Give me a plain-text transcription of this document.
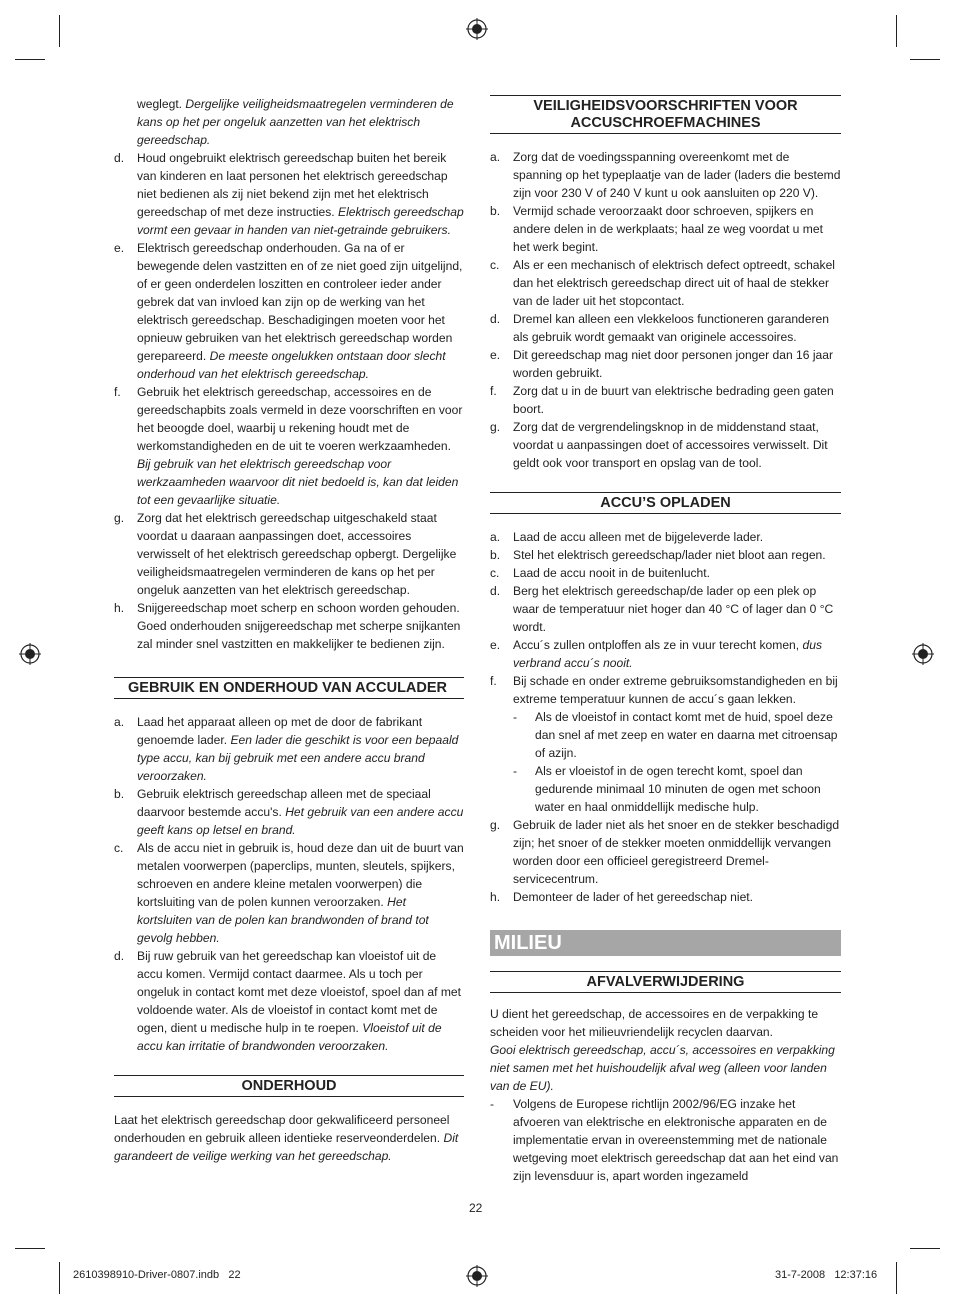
weglegt. Dergelijke veiligheidsmaatregelen verminderen de kans op het per ongeluk aanzetten van het elektrisch gereedschap.
d. Houd ongebruikt elektrisch gereedschap buiten het bereik van kinderen en laat personen het elektrisch gereedschap niet bedienen als zij niet bekend zijn met het elektrisch gereedschap of met deze instructies. Elektrisch gereedschap vormt een gevaar in handen van niet-getrainde gebruikers.
e. Elektrisch gereedschap onderhouden. Ga na of er bewegende delen vastzitten en of ze niet goed zijn uitgelijnd, of er geen onderdelen loszitten en controleer ieder ander gebrek dat van invloed kan zijn op de werking van het elektrisch gereedschap. Beschadigingen moeten voor het opnieuw gebruiken van het elektrisch gereedschap worden gerepareerd. De meeste ongelukken ontstaan door slecht onderhoud van het elektrisch gereedschap.
f. Gebruik het elektrisch gereedschap, accessoires en de gereedschapbits zoals vermeld in deze voorschriften en voor het beoogde doel, waarbij u rekening houdt met de werkomstandigheden en de uit te voeren werkzaamheden. Bij gebruik van het elektrisch gereedschap voor werkzaamheden waarvoor dit niet bedoeld is, kan dat leiden tot een gevaarlijke situatie.
g. Zorg dat het elektrisch gereedschap uitgeschakeld staat voordat u daaraan aanpassingen doet, accessoires verwisselt of het elektrisch gereedschap opbergt. Dergelijke veiligheidsmaatregelen verminderen de kans op het per ongeluk aanzetten van het elektrisch gereedschap.
h. Snijgereedschap moet scherp en schoon worden gehouden. Goed onderhouden snijgereedschap met scherpe snijkanten zal minder snel vastzitten en makkelijker te bedienen zijn.
GEBRUIK EN ONDERHOUD VAN ACCULADER
a. Laad het apparaat alleen op met de door de fabrikant genoemde lader. Een lader die geschikt is voor een bepaald type accu, kan bij gebruik met een andere accu brand veroorzaken.
b. Gebruik elektrisch gereedschap alleen met de speciaal daarvoor bestemde accu's. Het gebruik van een andere accu geeft kans op letsel en brand.
c. Als de accu niet in gebruik is, houd deze dan uit de buurt van metalen voorwerpen (paperclips, munten, sleutels, spijkers, schroeven en andere kleine metalen voorwerpen) die kortsluiting van de polen kunnen veroorzaken. Het kortsluiten van de polen kan brandwonden of brand tot gevolg hebben.
d. Bij ruw gebruik van het gereedschap kan vloeistof uit de accu komen. Vermijd contact daarmee. Als u toch per ongeluk in contact komt met deze vloeistof, spoel dan af met voldoende water. Als de vloeistof in contact komt met de ogen, dient u medische hulp in te roepen. Vloeistof uit de accu kan irritatie of brandwonden veroorzaken.
ONDERHOUD
Laat het elektrisch gereedschap door gekwalificeerd personeel onderhouden en gebruik alleen identieke reserveonderdelen. Dit garandeert de veilige werking van het gereedschap.
VEILIGHEIDSVOORSCHRIFTEN VOOR ACCUSCHROEFMACHINES
a. Zorg dat de voedingsspanning overeenkomt met de spanning op het typeplaatje van de lader (laders die bestemd zijn voor 230 V of 240 V kunt u ook aansluiten op 220 V).
b. Vermijd schade veroorzaakt door schroeven, spijkers en andere delen in de werkplaats; haal ze weg voordat u met het werk begint.
c. Als er een mechanisch of elektrisch defect optreedt, schakel dan het elektrisch gereedschap direct uit of haal de stekker van de lader uit het stopcontact.
d. Dremel kan alleen een vlekkeloos functioneren garanderen als gebruik wordt gemaakt van originele accessoires.
e. Dit gereedschap mag niet door personen jonger dan 16 jaar worden gebruikt.
f. Zorg dat u in de buurt van elektrische bedrading geen gaten boort.
g. Zorg dat de vergrendelingsknop in de middenstand staat, voordat u aanpassingen doet of accessoires verwisselt. Dit geldt ook voor transport en opslag van de tool.
ACCU’S OPLADEN
a. Laad de accu alleen met de bijgeleverde lader.
b. Stel het elektrisch gereedschap/lader niet bloot aan regen.
c. Laad de accu nooit in de buitenlucht.
d. Berg het elektrisch gereedschap/de lader op een plek op waar de temperatuur niet hoger dan 40 °C of lager dan 0 °C wordt.
e. Accu´s zullen ontploffen als ze in vuur terecht komen, dus verbrand accu´s nooit.
f. Bij schade en onder extreme gebruiksomstandigheden en bij extreme temperatuur kunnen de accu´s gaan lekken.
- Als de vloeistof in contact komt met de huid, spoel deze dan snel af met zeep en water en daarna met citroensap of azijn.
- Als er vloeistof in de ogen terecht komt, spoel dan gedurende minimaal 10 minuten de ogen met schoon water en haal onmiddellijk medische hulp.
g. Gebruik de lader niet als het snoer en de stekker beschadigd zijn; het snoer of de stekker moeten onmiddellijk vervangen worden door een officieel geregistreerd Dremel-servicecentrum.
h. Demonteer de lader of het gereedschap niet.
MILIEU
AFVALVERWIJDERING
U dient het gereedschap, de accessoires en de verpakking te scheiden voor het milieuvriendelijk recyclen daarvan.
Gooi elektrisch gereedschap, accu´s, accessoires en verpakking niet samen met het huishoudelijk afval weg (alleen voor landen van de EU).
- Volgens de Europese richtlijn 2002/96/EG inzake het afvoeren van elektrische en elektronische apparaten en de implementatie ervan in overeenstemming met de nationale wetgeving moet elektrisch gereedschap dat aan het eind van zijn levensduur is, apart worden ingezameld
22
2610398910-Driver-0807.indb   22	31-7-2008   12:37:16
